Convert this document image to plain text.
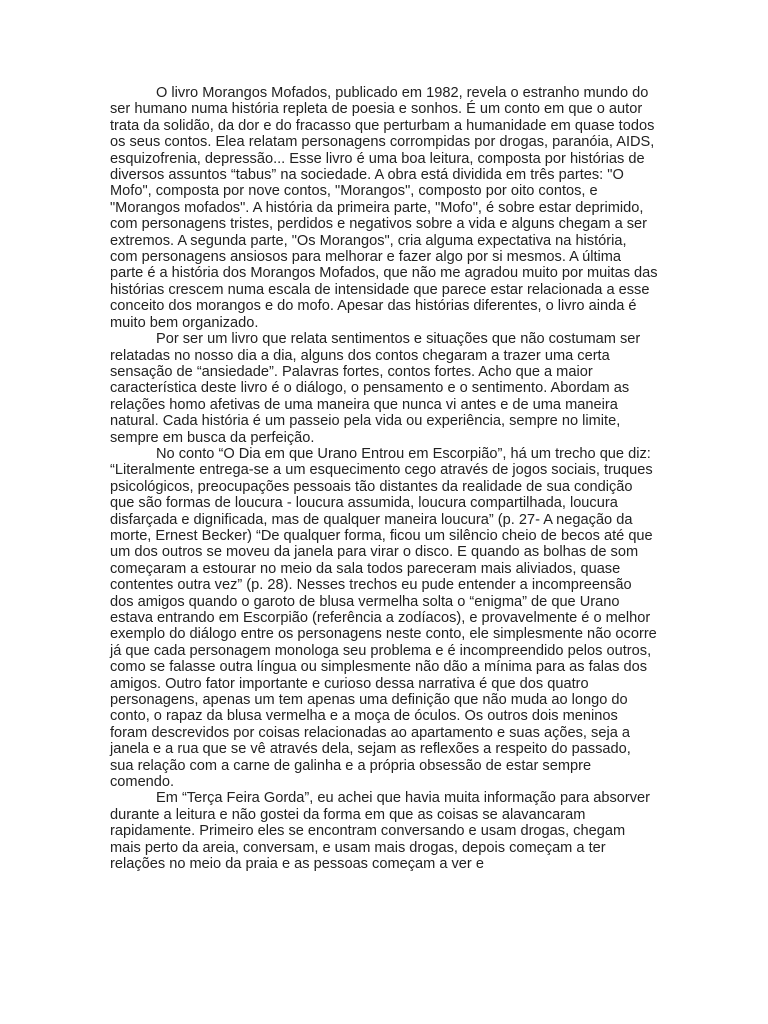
O livro Morangos Mofados, publicado em 1982, revela o estranho mundo do ser humano numa história repleta de poesia e sonhos. É um conto em que o autor trata da solidão, da dor e do fracasso que perturbam a humanidade em quase todos os seus contos. Elea relatam personagens corrompidas por drogas, paranóia, AIDS, esquizofrenia, depressão... Esse livro é uma boa leitura, composta por histórias de diversos assuntos “tabus” na sociedade. A obra está dividida em três partes: "O Mofo", composta por nove contos, "Morangos", composto por oito contos, e "Morangos mofados". A história da primeira parte, "Mofo", é sobre estar deprimido, com personagens tristes, perdidos e negativos sobre a vida e alguns chegam a ser extremos. A segunda parte, "Os Morangos", cria alguma expectativa na história, com personagens ansiosos para melhorar e fazer algo por si mesmos. A última parte é a história dos Morangos Mofados, que não me agradou muito por muitas das histórias crescem numa escala de intensidade que parece estar relacionada a esse conceito dos morangos e do mofo. Apesar das histórias diferentes, o livro ainda é muito bem organizado.

Por ser um livro que relata sentimentos e situações que não costumam ser relatadas no nosso dia a dia, alguns dos contos chegaram a trazer uma certa sensação de “ansiedade”. Palavras fortes, contos fortes. Acho que a maior característica deste livro é o diálogo, o pensamento e o sentimento. Abordam as relações homo afetivas de uma maneira que nunca vi antes e de uma maneira natural. Cada história é um passeio pela vida ou experiência, sempre no limite, sempre em busca da perfeição.

No conto “O Dia em que Urano Entrou em Escorpião”, há um trecho que diz: “Literalmente entrega-se a um esquecimento cego através de jogos sociais, truques psicológicos, preocupações pessoais tão distantes da realidade de sua condição que são formas de loucura - loucura assumida, loucura compartilhada, loucura disfarçada e dignificada, mas de qualquer maneira loucura” (p. 27- A negação da morte, Ernest Becker) “De qualquer forma, ficou um silêncio cheio de becos até que um dos outros se moveu da janela para virar o disco. E quando as bolhas de som começaram a estourar no meio da sala todos pareceram mais aliviados, quase contentes outra vez” (p. 28). Nesses trechos eu pude entender a incompreensão dos amigos quando o garoto de blusa vermelha solta o “enigma” de que Urano estava entrando em Escorpião (referência a zodíacos), e provavelmente é o melhor exemplo do diálogo entre os personagens neste conto, ele simplesmente não ocorre já que cada personagem monologa seu problema e é incompreendido pelos outros, como se falasse outra língua ou simplesmente não dão a mínima para as falas dos amigos. Outro fator importante e curioso dessa narrativa é que dos quatro personagens, apenas um tem apenas uma definição que não muda ao longo do conto, o rapaz da blusa vermelha e a moça de óculos. Os outros dois meninos foram descrevidos por coisas relacionadas ao apartamento e suas ações, seja a janela e a rua que se vê através dela, sejam as reflexões a respeito do passado, sua relação com a carne de galinha e a própria obsessão de estar sempre comendo.

Em “Terça Feira Gorda”, eu achei que havia muita informação para absorver durante a leitura e não gostei da forma em que as coisas se alavancaram rapidamente. Primeiro eles se encontram conversando e usam drogas, chegam mais perto da areia, conversam, e usam mais drogas, depois começam a ter relações no meio da praia e as pessoas começam a ver e
